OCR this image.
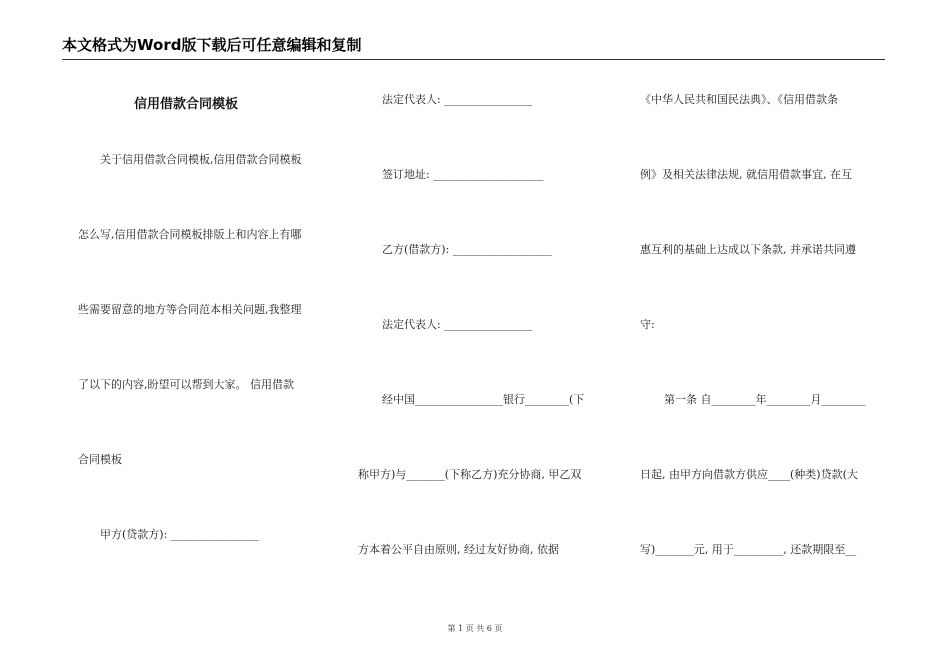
本文格式为Word版下载后可任意编辑和复制
信用借款合同模板
关于信用借款合同模板,信用借款合同模板
怎么写,信用借款合同模板排版上和内容上有哪
些需要留意的地方等合同范本相关问题,我整理
了以下的内容,盼望可以帮到大家。 信用借款
合同模板
甲方(贷款方): ________________
法定代表人: ________________
签订地址: ____________________
乙方(借款方): __________________
法定代表人: ________________
经中国________________银行________(下
称甲方)与_______(下称乙方)充分协商, 甲乙双
方本着公平自由原则, 经过友好协商, 依据
《中华人民共和国民法典》、《信用借款条
例》及相关法律法规, 就信用借款事宜, 在互
惠互利的基础上达成以下条款, 并承诺共同遵
守:
第一条 自________年________月________
日起, 由甲方向借款方供应____(种类)贷款(大
写)_______元, 用于_________, 还款期限至__
第 1 页 共 6 页
